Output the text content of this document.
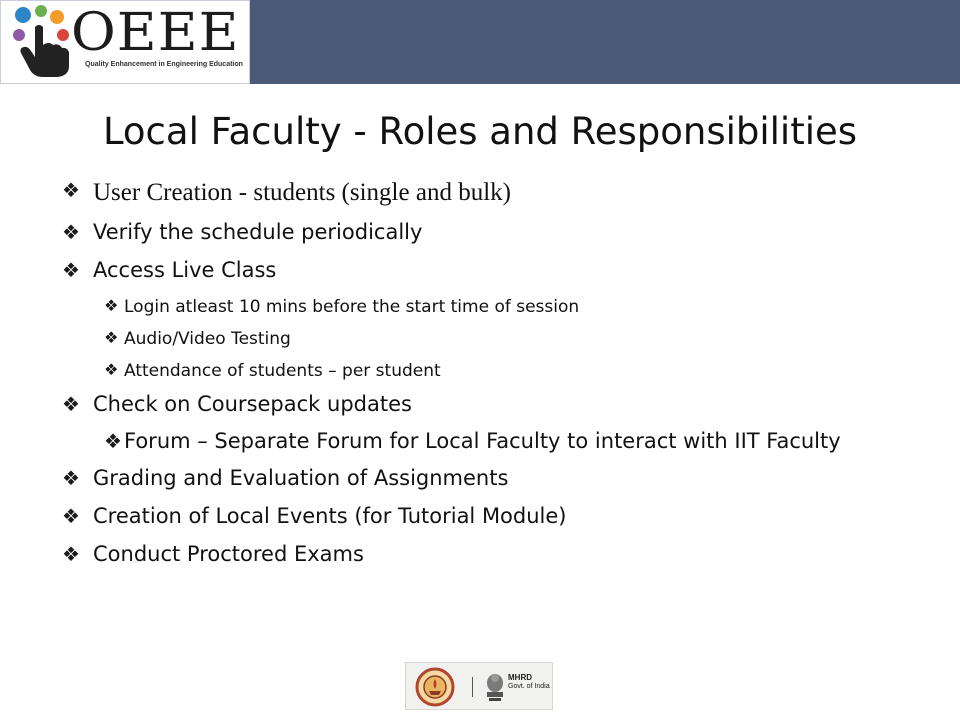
OEEE
Quality Enhancement in Engineering Education
Local Faculty - Roles and Responsibilities
❖ User Creation - students (single and bulk)
❖ Verify the schedule periodically
❖ Access Live Class
❖ Login atleast 10 mins before the start time of session
❖ Audio/Video Testing
❖ Attendance of students – per student
❖ Check on Coursepack updates
❖ Forum – Separate Forum for Local Faculty to interact with IIT Faculty
❖ Grading and Evaluation of Assignments
❖ Creation of Local Events (for Tutorial Module)
❖ Conduct Proctored Exams
MHRD
Govt. of India
